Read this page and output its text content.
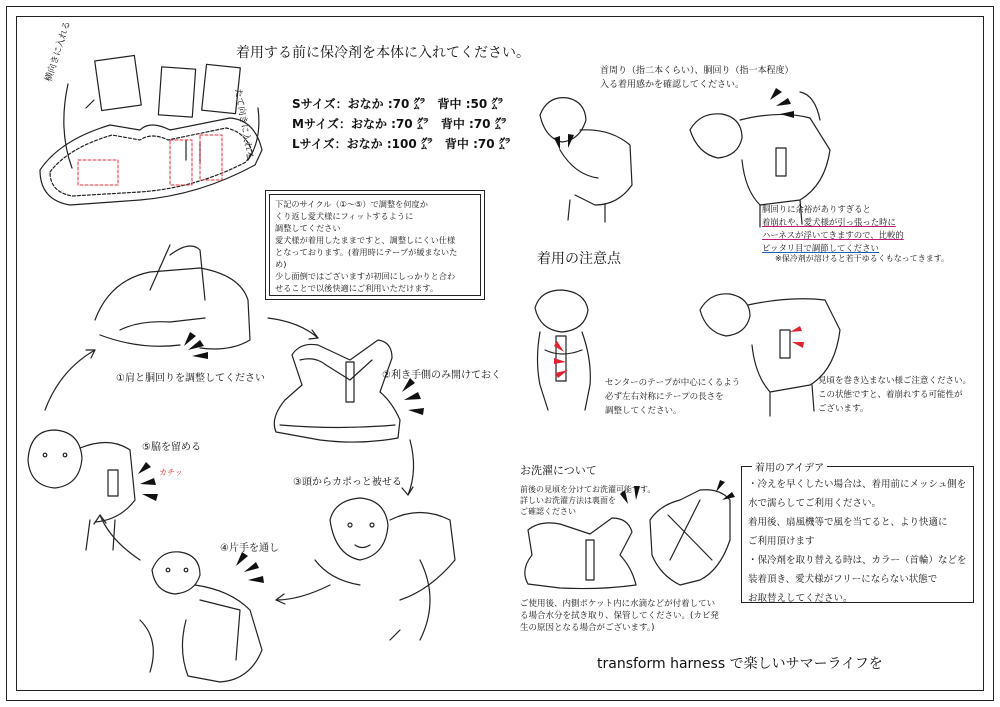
着用する前に保冷剤を本体に入れてください。
横向きに入れる
たて向きに入れる	Sサイズ：おなか :70 ㌘　背中 :50 ㌘
Mサイズ：おなか :70 ㌘　背中 :70 ㌘
Lサイズ：おなか :100 ㌘　背中 :70 ㌘
下記のサイクル（①〜⑤）で調整を何度か
くり返し愛犬様にフィットするように
調整してください
愛犬様が着用したままですと、調整しにくい仕様
となっております。(着用時にテープが緩まないた
め)
少し面倒ではございますが初回にしっかりと合わ
せることで以後快適にご利用いただけます。
①肩と胴回りを調整してください	②利き手側のみ開けておく
③頭からカポっと被せる
④片手を通し
⑤脇を留める
カチッ
首周り（指二本くらい）、胴回り（指一本程度）
入る着用感かを確認してください。
胴回りに余裕がありすぎると
着崩れや、愛犬様が引っ張った時に
ハーネスが浮いてきますので、比較的
ピッタリ目で調節してください
※保冷剤が溶けると若干ゆるくもなってきます。
着用の注意点
センターのテープが中心にくるよう
必ず左右対称にテープの長さを
調整してください。
見頃を巻き込まない様ご注意ください。
この状態ですと、着崩れする可能性が
ございます。
お洗濯について
前後の見頃を分けてお洗濯可能です。
詳しいお洗濯方法は裏面を
ご確認ください
ご使用後、内側ポケット内に水滴などが付着してい
る場合水分を拭き取り、保管してください。(カビ発
生の原因となる場合がございます。)
着用のアイデア
・冷えを早くしたい場合は、着用前にメッシュ側を
水で濡らしてご利用ください。
着用後、扇風機等で風を当てると、より快適に
ご利用頂けます
・保冷剤を取り替える時は、カラー（首輪）などを
装着頂き、愛犬様がフリーにならない状態で
お取替えしてください。
transform harness で楽しいサマーライフを
